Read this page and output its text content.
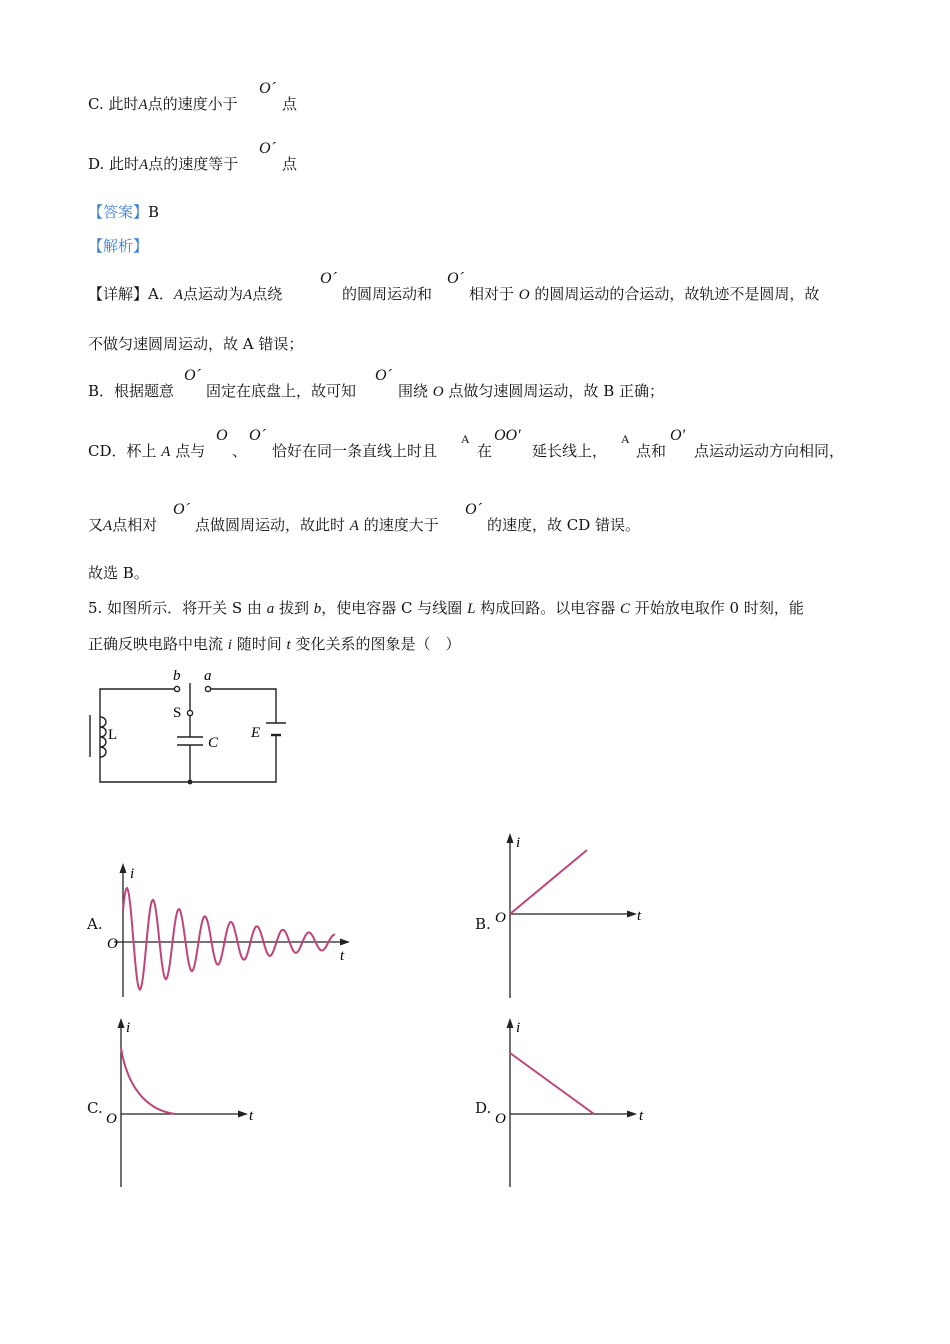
C. 此时A点的速度小于
O´
点
D. 此时A点的速度等于
O´
点
【答案】B
【解析】
【详解】A．A点运动为A点绕
O´
的圆周运动和
O´
相对于 O 的圆周运动的合运动，故轨迹不是圆周，故
不做匀速圆周运动，故 A 错误；
B．根据题意
O´
固定在底盘上，故可知
O´
围绕 O 点做匀速圆周运动，故 B 正确；
CD．杯上 A 点与
O
、
O´
恰好在同一条直线上时且
A
在
OO'
延长线上，
A
点和
O'
点运动运动方向相同，
又A点相对
O´
点做圆周运动，故此时 A 的速度大于
O´
的速度，故 CD 错误。
故选 B。
5. 如图所示．将开关 S 由 a 拔到 b，使电容器 C 与线圈 L 构成回路。以电容器 C 开始放电取作 0 时刻，能
正确反映电路中电流 i 随时间 t 变化关系的图象是（　）
b a
S
L	C
E
A.
i
t
O
B.
i
t
O
C.
i
t
O
D.
i
t
O
